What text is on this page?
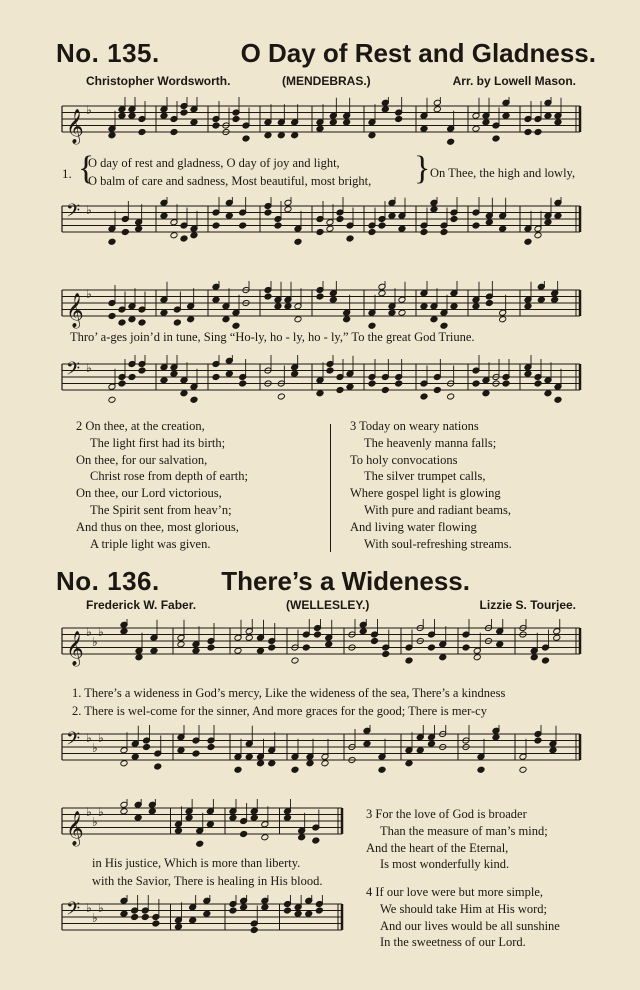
No. 135.	O Day of Rest and Gladness.
Christopher Wordsworth.	(MENDEBRAS.)	Arr. by Lowell Mason.
𝄞 ♭
1. {
O day of rest and gladness, O day of joy and light,
O balm of care and sadness, Most beautiful, most bright, } On Thee, the high and lowly,
𝄢 ♭
𝄞 ♭
Thro’ a-ges join’d in tune, Sing “Ho-ly, ho - ly, ho - ly,” To the great God Triune.
𝄢 ♭
2 On thee, at the creation,
The light first had its birth;
On thee, for our salvation,
Christ rose from depth of earth;
On thee, our Lord victorious,
The Spirit sent from heav’n;
And thus on thee, most glorious,
A triple light was given.
3 Today on weary nations
The heavenly manna falls;
To holy convocations
The silver trumpet calls,
Where gospel light is glowing
With pure and radiant beams,
And living water flowing
With soul-refreshing streams.
No. 136. There’s a Wideness.
Frederick W. Faber.	(WELLESLEY.)	Lizzie S. Tourjee.
𝄞 ♭
♭
♭
1. There’s a wideness in God’s mercy, Like the wideness of the sea, There’s a kindness
2. There is wel-come for the sinner, And more graces for the good; There is mer-cy
𝄢 ♭
♭
♭
𝄞 ♭
♭
♭
in His justice, Which is more than liberty.
with the Savior, There is healing in His blood.
𝄢 ♭
♭
♭
3 For the love of God is broader
Than the measure of man’s mind;
And the heart of the Eternal,
Is most wonderfully kind.
4 If our love were but more simple,
We should take Him at His word;
And our lives would be all sunshine
In the sweetness of our Lord.
